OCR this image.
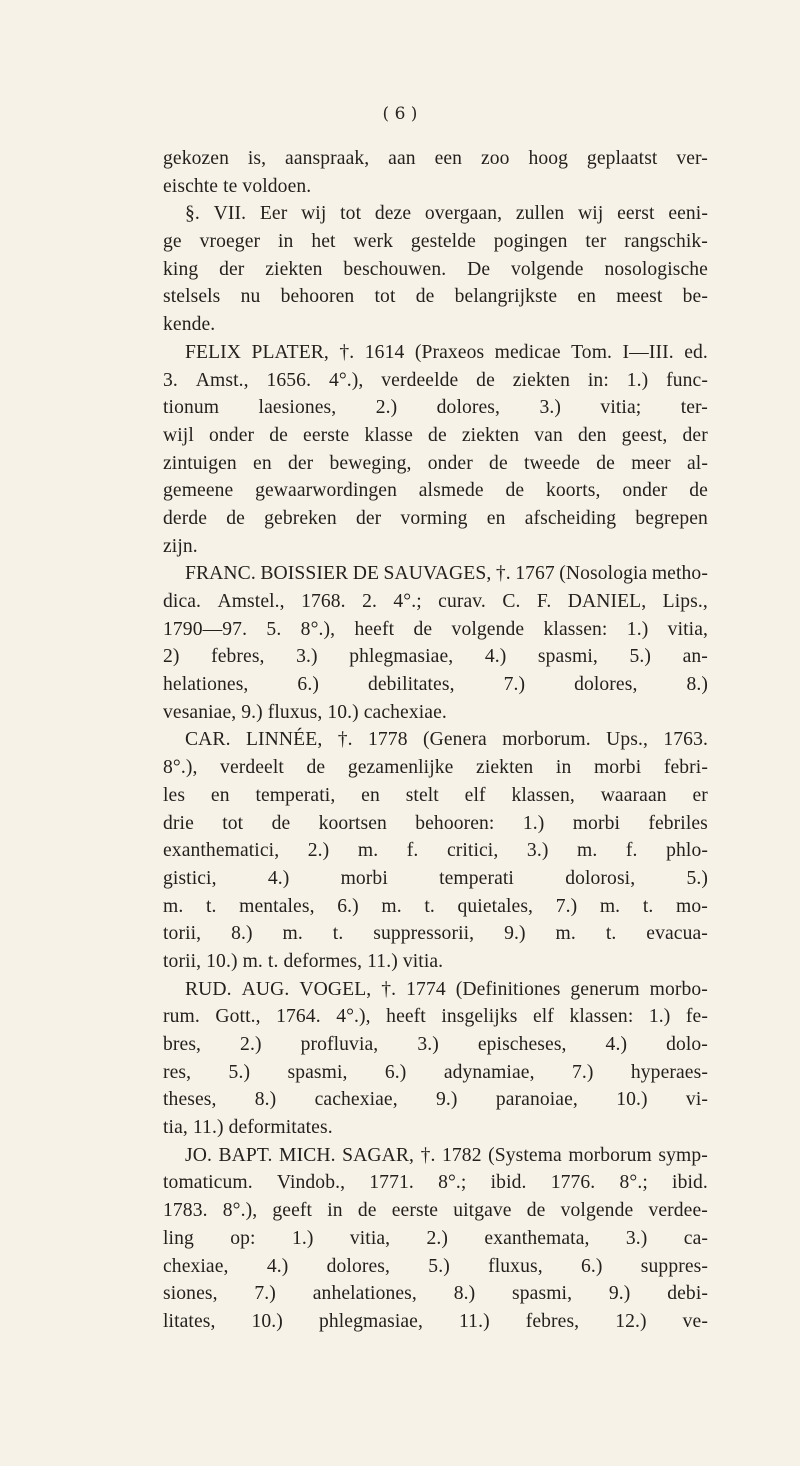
( 6 )
gekozen is, aanspraak, aan een zoo hoog geplaatst ver-
eischte te voldoen.
§. VII. Eer wij tot deze overgaan, zullen wij eerst eeni-
ge vroeger in het werk gestelde pogingen ter rangschik-
king der ziekten beschouwen. De volgende nosologische
stelsels nu behooren tot de belangrijkste en meest be-
kende.
FELIX PLATER, †. 1614 (Praxeos medicae Tom. I—III. ed.
3. Amst., 1656. 4°.), verdeelde de ziekten in: 1.) func-
tionum laesiones, 2.) dolores, 3.) vitia; ter-
wijl onder de eerste klasse de ziekten van den geest, der
zintuigen en der beweging, onder de tweede de meer al-
gemeene gewaarwordingen alsmede de koorts, onder de
derde de gebreken der vorming en afscheiding begrepen
zijn.
FRANC. BOISSIER DE SAUVAGES, †. 1767 (Nosologia metho-
dica. Amstel., 1768. 2. 4°.; curav. C. F. DANIEL, Lips.,
1790—97. 5. 8°.), heeft de volgende klassen: 1.) vitia,
2) febres, 3.) phlegmasiae, 4.) spasmi, 5.) an-
helationes, 6.) debilitates, 7.) dolores, 8.)
vesaniae, 9.) fluxus, 10.) cachexiae.
CAR. LINNÉE, †. 1778 (Genera morborum. Ups., 1763.
8°.), verdeelt de gezamenlijke ziekten in morbi febri-
les en temperati, en stelt elf klassen, waaraan er
drie tot de koortsen behooren: 1.) morbi febriles
exanthematici, 2.) m. f. critici, 3.) m. f. phlo-
gistici,	4.)	morbi	temperati	dolorosi,	5.)
m. t. mentales, 6.) m. t. quietales, 7.) m. t. mo-
torii, 8.) m. t. suppressorii, 9.) m. t. evacua-
torii, 10.) m. t. deformes, 11.) vitia.
RUD. AUG. VOGEL, †. 1774 (Definitiones generum morbo-
rum. Gott., 1764. 4°.), heeft insgelijks elf klassen: 1.) fe-
bres, 2.) profluvia, 3.) epischeses, 4.) dolo-
res, 5.) spasmi, 6.) adynamiae, 7.) hyperaes-
theses, 8.) cachexiae, 9.) paranoiae, 10.) vi-
tia, 11.) deformitates.
JO. BAPT. MICH. SAGAR, †. 1782 (Systema morborum symp-
tomaticum. Vindob., 1771. 8°.; ibid. 1776. 8°.; ibid.
1783. 8°.), geeft in de eerste uitgave de volgende verdee-
ling op: 1.) vitia, 2.) exanthemata, 3.) ca-
chexiae, 4.) dolores, 5.) fluxus, 6.) suppres-
siones, 7.) anhelationes, 8.) spasmi, 9.) debi-
litates, 10.) phlegmasiae, 11.) febres, 12.) ve-
